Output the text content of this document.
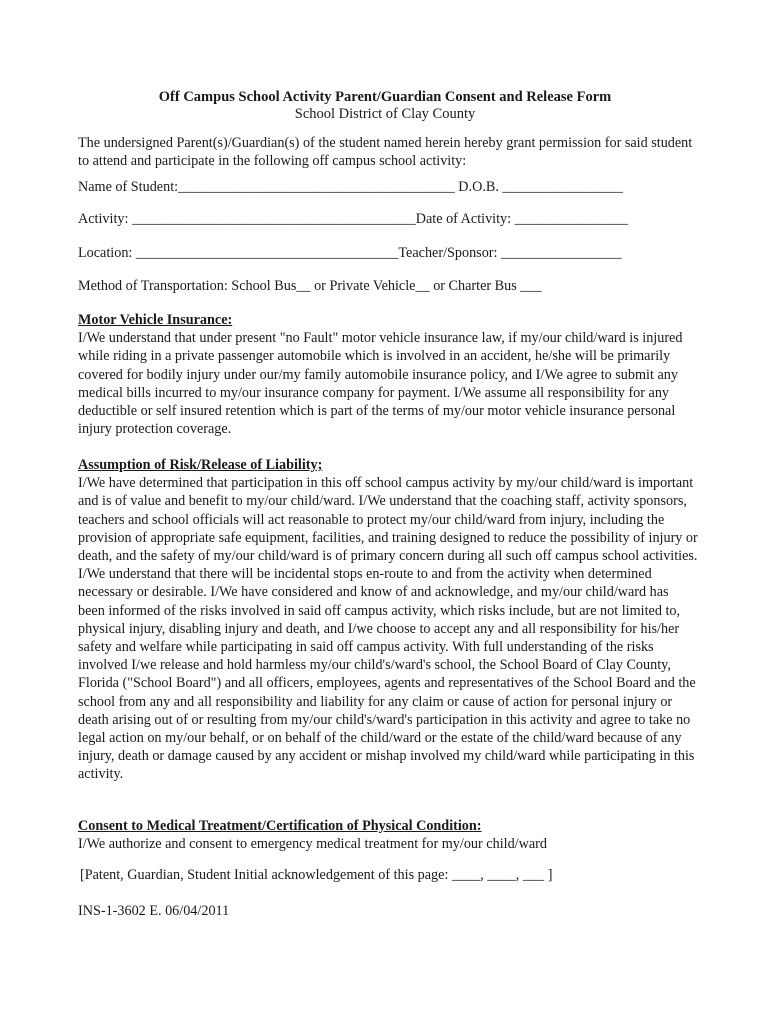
Off Campus School Activity Parent/Guardian Consent and Release Form
School District of Clay County

The undersigned Parent(s)/Guardian(s) of the student named herein hereby grant permission for said student to attend and participate in the following off campus school activity:

Name of Student:_______________________________________ D.O.B. _________________
Activity: ________________________________________Date of Activity: ________________
Location: _____________________________________Teacher/Sponsor: _________________
Method of Transportation: School Bus__ or Private Vehicle__ or Charter Bus ___
Motor Vehicle Insurance:
I/We understand that under present "no Fault" motor vehicle insurance law, if my/our child/ward is injured while riding in a private passenger automobile which is involved in an accident, he/she will be primarily covered for bodily injury under our/my family automobile insurance policy, and I/We agree to submit any medical bills incurred to my/our insurance company for payment. I/We assume all responsibility for any deductible or self insured retention which is part of the terms of my/our motor vehicle insurance personal injury protection coverage.
Assumption of Risk/Release of Liability;
I/We have determined that participation in this off school campus activity by my/our child/ward is important and is of value and benefit to my/our child/ward. I/We understand that the coaching staff, activity sponsors, teachers and school officials will act reasonable to protect my/our child/ward from injury, including the provision of appropriate safe equipment, facilities, and training designed to reduce the possibility of injury or death, and the safety of my/our child/ward is of primary concern during all such off campus school activities. I/We understand that there will be incidental stops en-route to and from the activity when determined necessary or desirable. I/We have considered and know of and acknowledge, and my/our child/ward has been informed of the risks involved in said off campus activity, which risks include, but are not limited to, physical injury, disabling injury and death, and I/we choose to accept any and all responsibility for his/her safety and welfare while participating in said off campus activity. With full understanding of the risks involved I/we release and hold harmless my/our child's/ward's school, the School Board of Clay County, Florida ("School Board") and all officers, employees, agents and representatives of the School Board and the school from any and all responsibility and liability for any claim or cause of action for personal injury or death arising out of or resulting from my/our child's/ward's participation in this activity and agree to take no legal action on my/our behalf, or on behalf of the child/ward or the estate of the child/ward because of any injury, death or damage caused by any accident or mishap involved my child/ward while participating in this activity.
Consent to Medical Treatment/Certification of Physical Condition:
I/We authorize and consent to emergency medical treatment for my/our child/ward
[Patent, Guardian, Student Initial acknowledgement of this page: ____, ____, ___ ]
INS-1-3602 E. 06/04/2011
